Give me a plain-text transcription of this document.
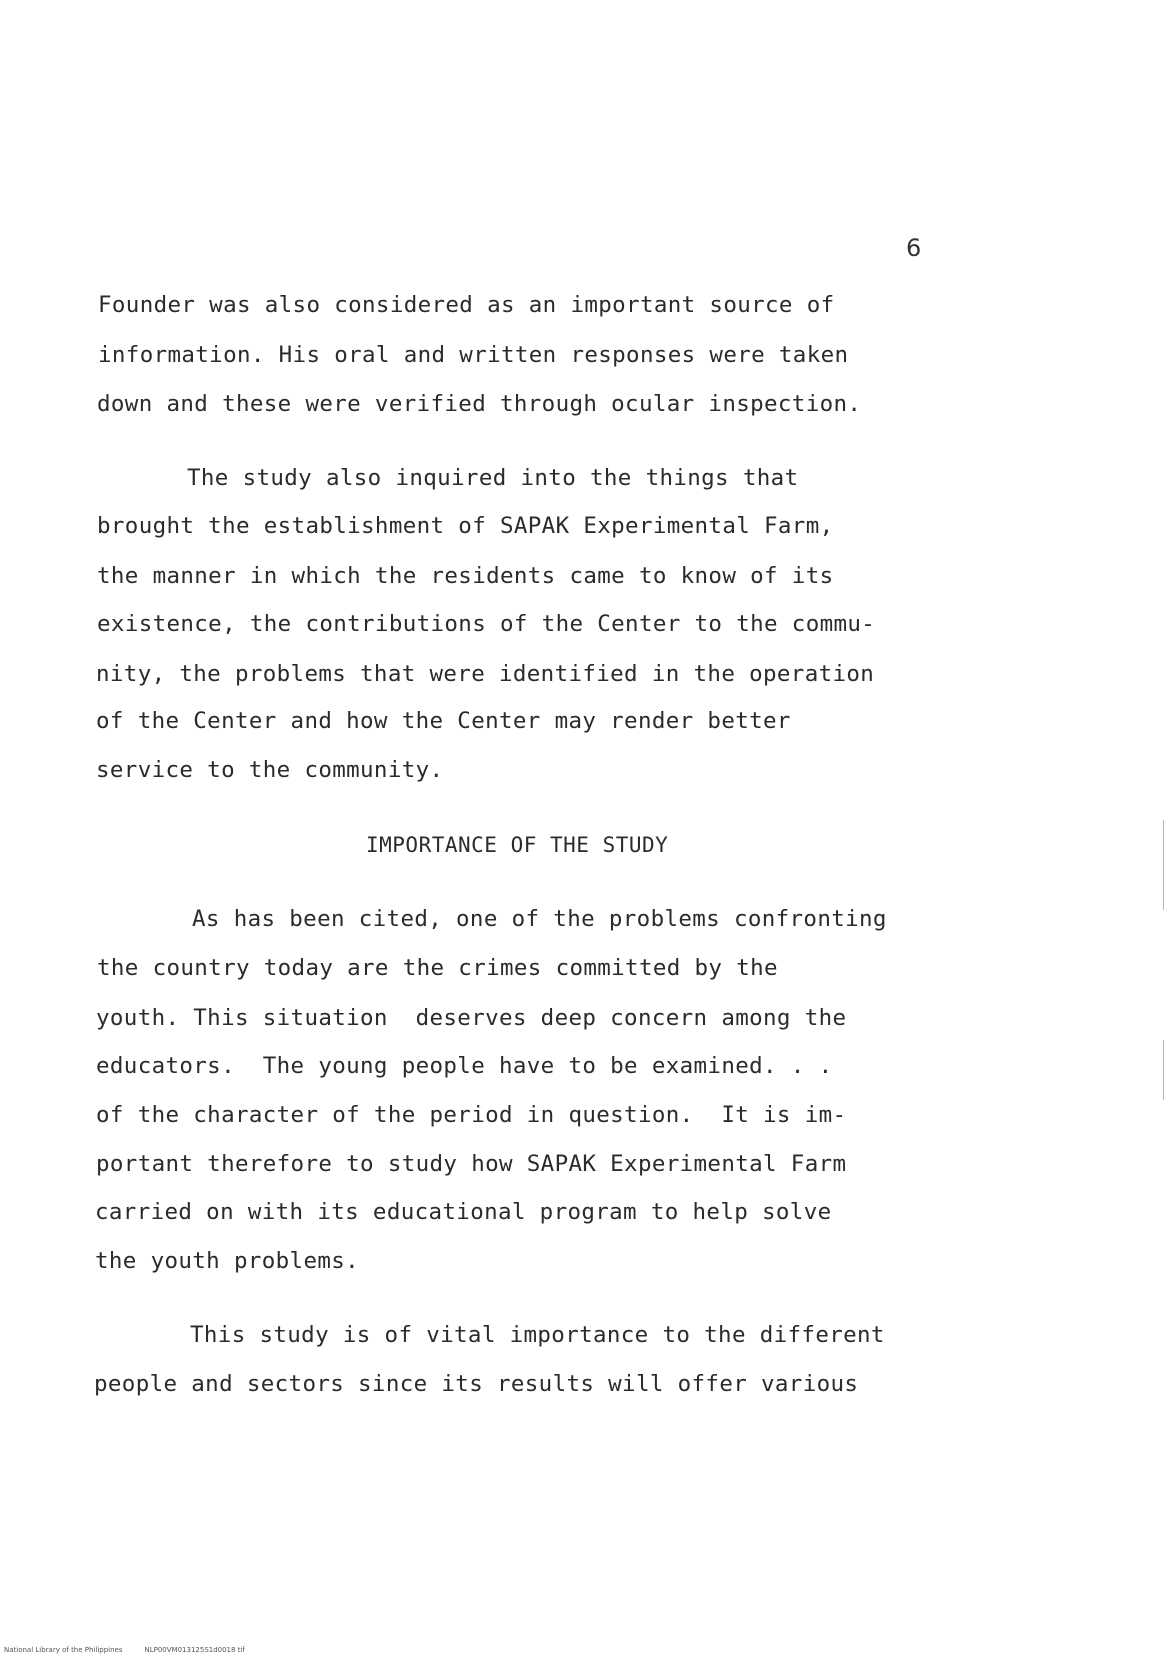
6
Founder was also considered as an important source of
information. His oral and written responses were taken
down and these were verified through ocular inspection.
The study also inquired into the things that
brought the establishment of SAPAK Experimental Farm,
the manner in which the residents came to know of its
existence, the contributions of the Center to the commu-
nity, the problems that were identified in the operation
of the Center and how the Center may render better
service to the community.
IMPORTANCE OF THE STUDY
As has been cited, one of the problems confronting
the country today are the crimes committed by the
youth. This situation  deserves deep concern among the
educators.  The young people have to be examined. . .
of the character of the period in question.  It is im-
portant therefore to study how SAPAK Experimental Farm
carried on with its educational program to help solve
the youth problems.
This study is of vital importance to the different
people and sectors since its results will offer various
National Library of the Philippines	NLP00VM013125S1d0018 tif
